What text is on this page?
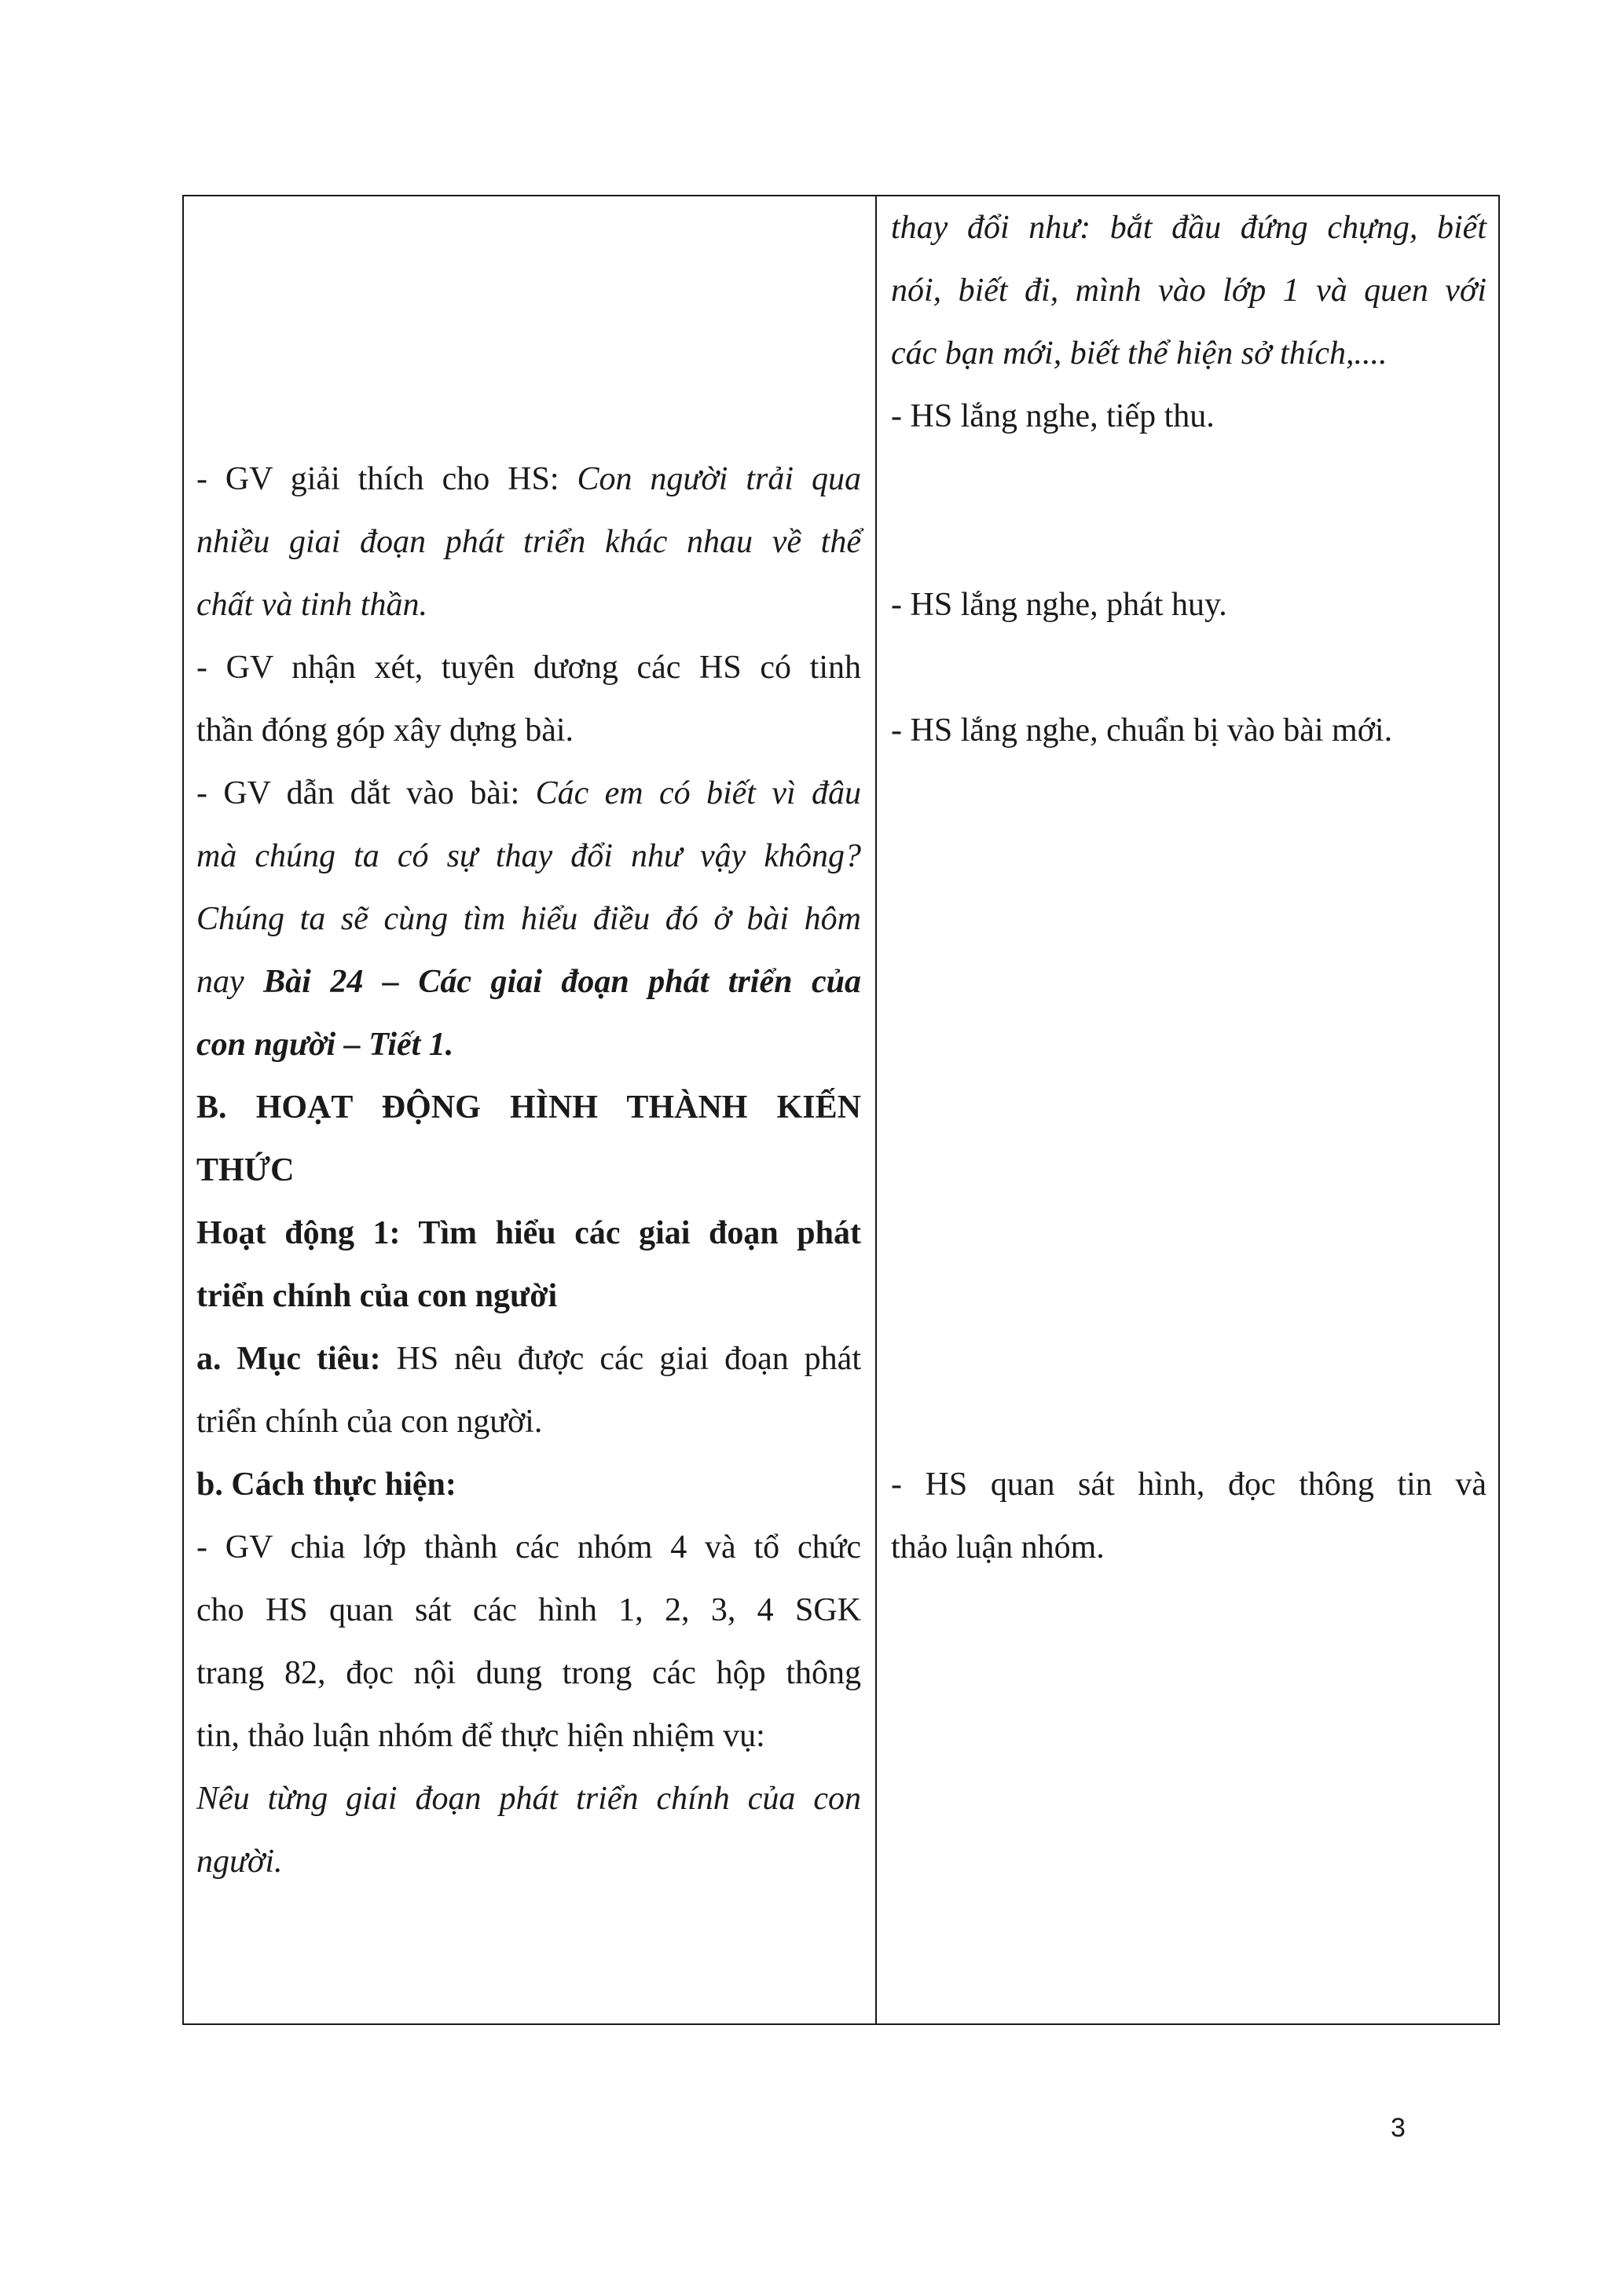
thay đổi như: bắt đầu đứng chựng, biết
nói, biết đi, mình vào lớp 1 và quen với
các bạn mới, biết thể hiện sở thích,....
- HS lắng nghe, tiếp thu.
- HS lắng nghe, phát huy.
- HS lắng nghe, chuẩn bị vào bài mới.
- HS quan sát hình, đọc thông tin và
thảo luận nhóm.
- GV giải thích cho HS: Con người trải qua
nhiều giai đoạn phát triển khác nhau về thể
chất và tinh thần.
- GV nhận xét, tuyên dương các HS có tinh
thần đóng góp xây dựng bài.
- GV dẫn dắt vào bài: Các em có biết vì đâu
mà chúng ta có sự thay đổi như vậy không?
Chúng ta sẽ cùng tìm hiểu điều đó ở bài hôm
nay Bài 24 – Các giai đoạn phát triển của
con người – Tiết 1.
B. HOẠT ĐỘNG HÌNH THÀNH KIẾN
THỨC
Hoạt động 1: Tìm hiểu các giai đoạn phát
triển chính của con người
a. Mục tiêu: HS nêu được các giai đoạn phát
triển chính của con người.
b. Cách thực hiện:
- GV chia lớp thành các nhóm 4 và tổ chức
cho HS quan sát các hình 1, 2, 3, 4 SGK
trang 82, đọc nội dung trong các hộp thông
tin, thảo luận nhóm để thực hiện nhiệm vụ:
Nêu từng giai đoạn phát triển chính của con
người.
3
